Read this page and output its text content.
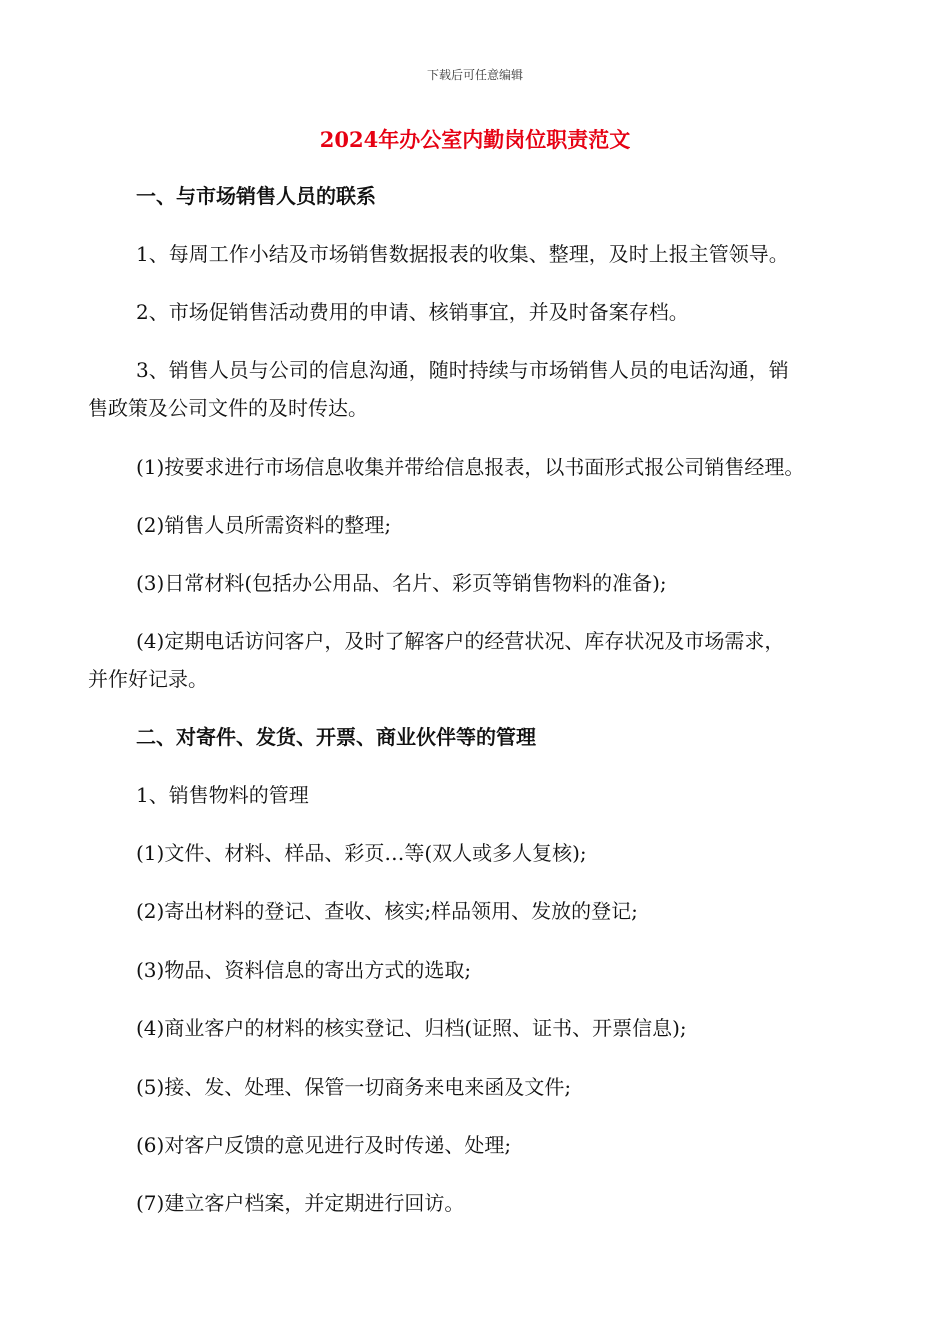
下载后可任意编辑
2024年办公室内勤岗位职责范文
一、与市场销售人员的联系
1、每周工作小结及市场销售数据报表的收集、整理，及时上报主管领导。
2、市场促销售活动费用的申请、核销事宜，并及时备案存档。
3、销售人员与公司的信息沟通，随时持续与市场销售人员的电话沟通，销
售政策及公司文件的及时传达。
(1)按要求进行市场信息收集并带给信息报表，以书面形式报公司销售经理。
(2)销售人员所需资料的整理;
(3)日常材料(包括办公用品、名片、彩页等销售物料的准备);
(4)定期电话访问客户，及时了解客户的经营状况、库存状况及市场需求，
并作好记录。
二、对寄件、发货、开票、商业伙伴等的管理
1、销售物料的管理
(1)文件、材料、样品、彩页…等(双人或多人复核);
(2)寄出材料的登记、查收、核实;样品领用、发放的登记;
(3)物品、资料信息的寄出方式的选取;
(4)商业客户的材料的核实登记、归档(证照、证书、开票信息);
(5)接、发、处理、保管一切商务来电来函及文件;
(6)对客户反馈的意见进行及时传递、处理;
(7)建立客户档案，并定期进行回访。
